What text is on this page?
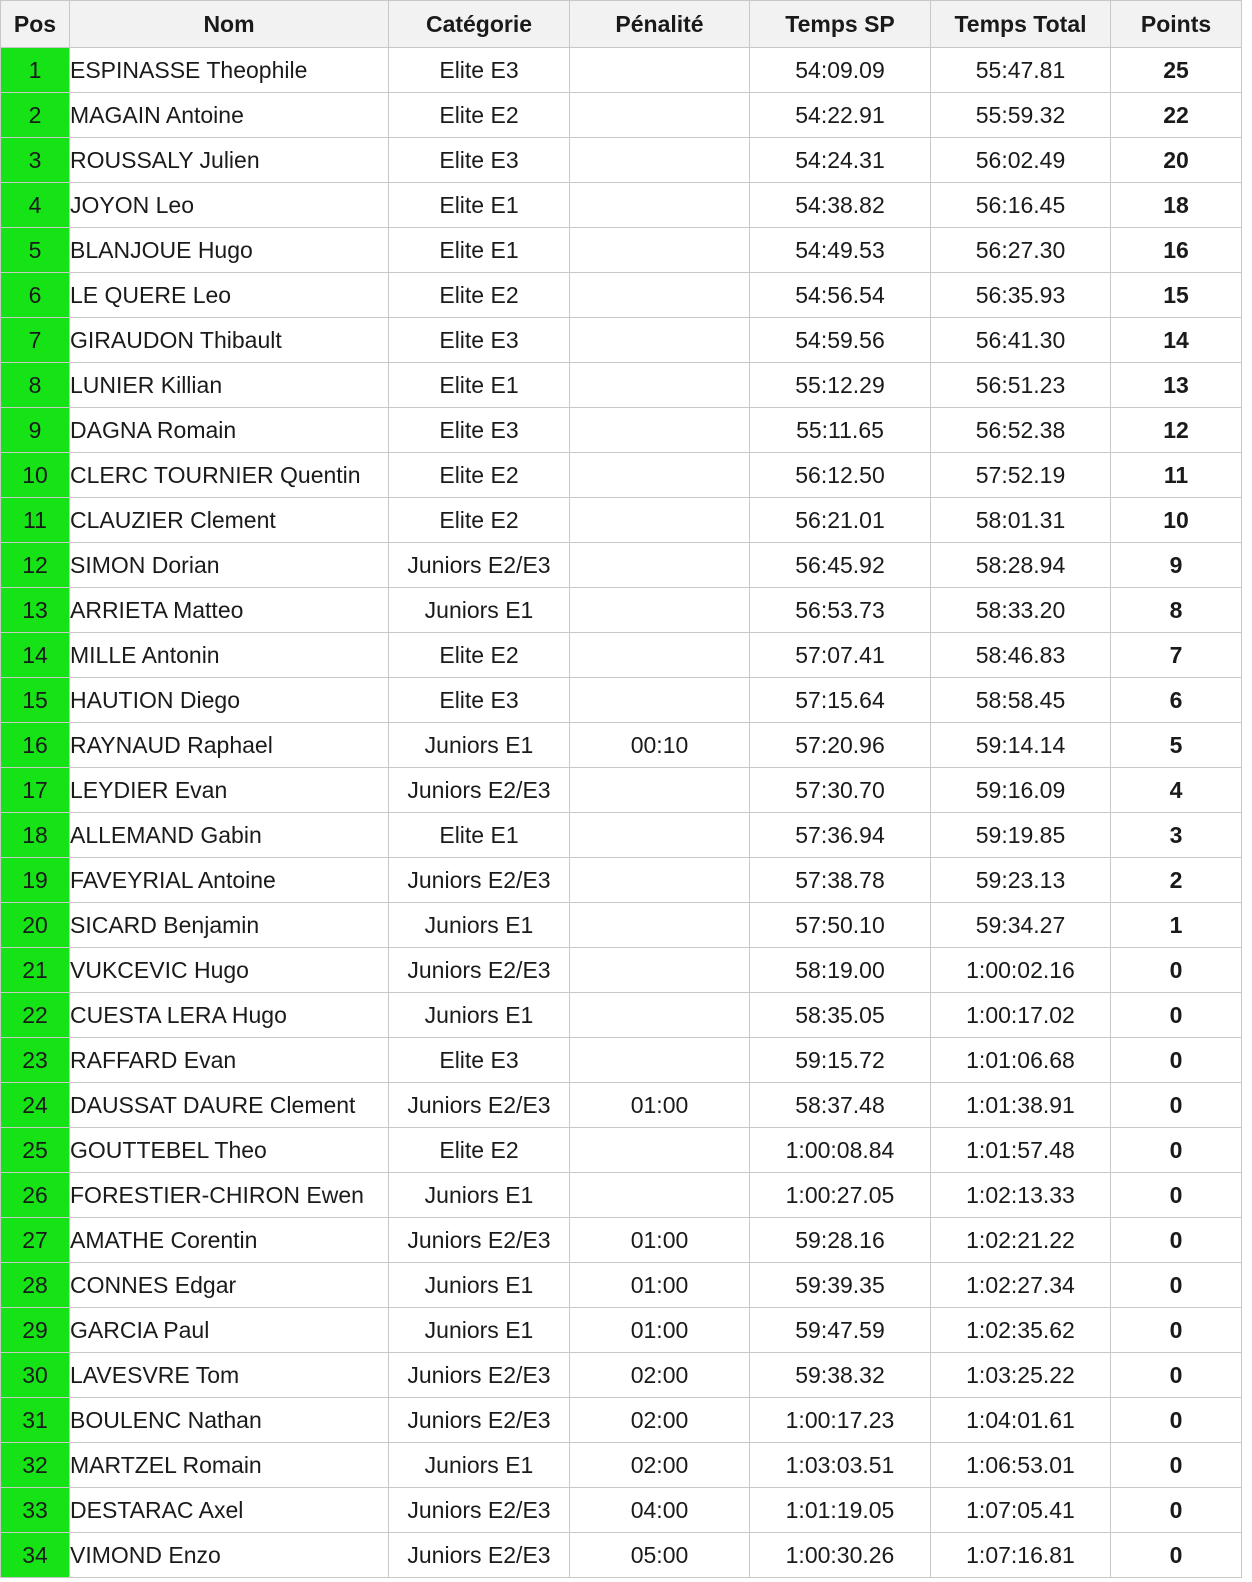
Pos	Nom	Catégorie	Pénalité	Temps SP	Temps Total	Points
1	ESPINASSE Theophile	Elite E3		54:09.09	55:47.81	25
2	MAGAIN Antoine	Elite E2		54:22.91	55:59.32	22
3	ROUSSALY Julien	Elite E3		54:24.31	56:02.49	20
4	JOYON Leo	Elite E1		54:38.82	56:16.45	18
5	BLANJOUE Hugo	Elite E1		54:49.53	56:27.30	16
6	LE QUERE Leo	Elite E2		54:56.54	56:35.93	15
7	GIRAUDON Thibault	Elite E3		54:59.56	56:41.30	14
8	LUNIER Killian	Elite E1		55:12.29	56:51.23	13
9	DAGNA Romain	Elite E3		55:11.65	56:52.38	12
10	CLERC TOURNIER Quentin	Elite E2		56:12.50	57:52.19	11
11	CLAUZIER Clement	Elite E2		56:21.01	58:01.31	10
12	SIMON Dorian	Juniors E2/E3		56:45.92	58:28.94	9
13	ARRIETA Matteo	Juniors E1		56:53.73	58:33.20	8
14	MILLE Antonin	Elite E2		57:07.41	58:46.83	7
15	HAUTION Diego	Elite E3		57:15.64	58:58.45	6
16	RAYNAUD Raphael	Juniors E1	00:10	57:20.96	59:14.14	5
17	LEYDIER Evan	Juniors E2/E3		57:30.70	59:16.09	4
18	ALLEMAND Gabin	Elite E1		57:36.94	59:19.85	3
19	FAVEYRIAL Antoine	Juniors E2/E3		57:38.78	59:23.13	2
20	SICARD Benjamin	Juniors E1		57:50.10	59:34.27	1
21	VUKCEVIC Hugo	Juniors E2/E3		58:19.00	1:00:02.16	0
22	CUESTA LERA Hugo	Juniors E1		58:35.05	1:00:17.02	0
23	RAFFARD Evan	Elite E3		59:15.72	1:01:06.68	0
24	DAUSSAT DAURE Clement	Juniors E2/E3	01:00	58:37.48	1:01:38.91	0
25	GOUTTEBEL Theo	Elite E2		1:00:08.84	1:01:57.48	0
26	FORESTIER-CHIRON Ewen	Juniors E1		1:00:27.05	1:02:13.33	0
27	AMATHE Corentin	Juniors E2/E3	01:00	59:28.16	1:02:21.22	0
28	CONNES Edgar	Juniors E1	01:00	59:39.35	1:02:27.34	0
29	GARCIA Paul	Juniors E1	01:00	59:47.59	1:02:35.62	0
30	LAVESVRE Tom	Juniors E2/E3	02:00	59:38.32	1:03:25.22	0
31	BOULENC Nathan	Juniors E2/E3	02:00	1:00:17.23	1:04:01.61	0
32	MARTZEL Romain	Juniors E1	02:00	1:03:03.51	1:06:53.01	0
33	DESTARAC Axel	Juniors E2/E3	04:00	1:01:19.05	1:07:05.41	0
34	VIMOND Enzo	Juniors E2/E3	05:00	1:00:30.26	1:07:16.81	0
